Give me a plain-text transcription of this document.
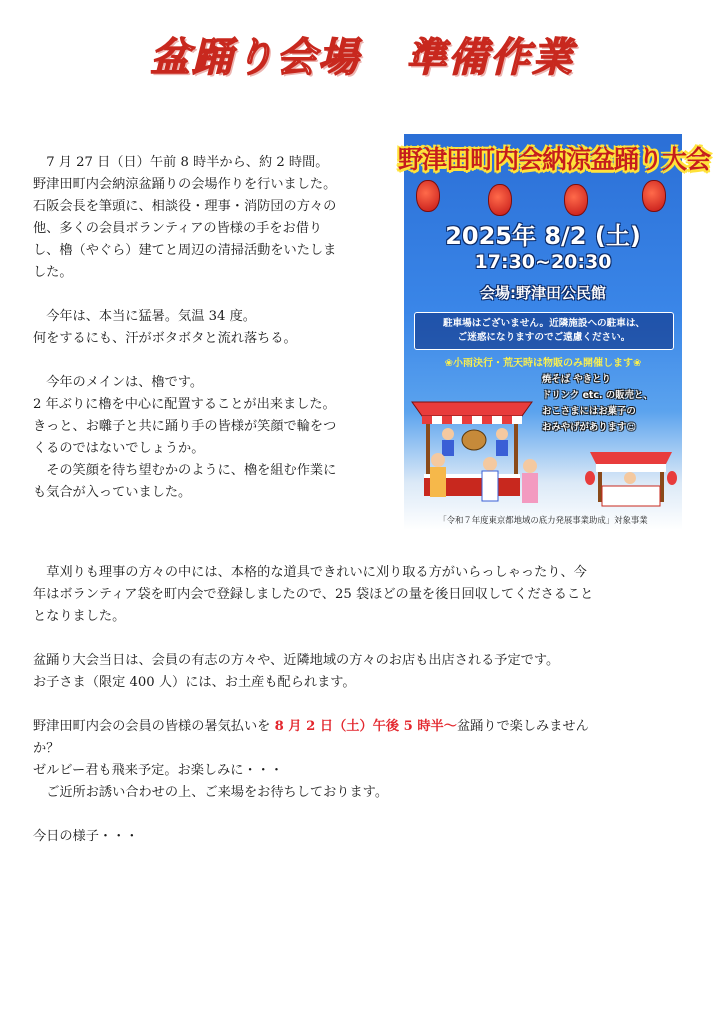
盆踊り会場 準備作業

7 月 27 日（日）午前 8 時半から、約 2 時間。

野津田町内会納涼盆踊りの会場作りを行いました。

石阪会長を筆頭に、相談役・理事・消防団の方々の

他、多くの会員ボランティアの皆様の手をお借り

し、櫓（やぐら）建てと周辺の清掃活動をいたしま

した。

今年は、本当に猛暑。気温 34 度。

何をするにも、汗がボタボタと流れ落ちる。

今年のメインは、櫓です。

2 年ぶりに櫓を中心に配置することが出来ました。

きっと、お囃子と共に踊り手の皆様が笑顔で輪をつ

くるのではないでしょうか。

その笑顔を待ち望むかのように、櫓を組む作業に

も気合が入っていました。

野津田町内会納涼盆踊り大会
2025年 8/2 (土)
17:30~20:30
会場:野津田公民館
駐車場はございません。近隣施設への駐車は、
ご迷惑になりますのでご遠慮ください。
❀小雨決行・荒天時は物販のみ開催します❀
焼そば やきとり
ドリンク etc. の販売と、
おこさまにはお菓子の
おみやげがあります☺
「令和７年度東京都地域の底力発展事業助成」対象事業

草刈りも理事の方々の中には、本格的な道具できれいに刈り取る方がいらっしゃったり、今

年はボランティア袋を町内会で登録しましたので、25 袋ほどの量を後日回収してくださること

となりました。

盆踊り大会当日は、会員の有志の方々や、近隣地域の方々のお店も出店される予定です。

お子さま（限定 400 人）には、お土産も配られます。

野津田町内会の会員の皆様の暑気払いを 8 月 2 日（土）午後 5 時半～盆踊りで楽しみません

か？

ゼルビー君も飛来予定。お楽しみに・・・

ご近所お誘い合わせの上、ご来場をお待ちしております。

今日の様子・・・
